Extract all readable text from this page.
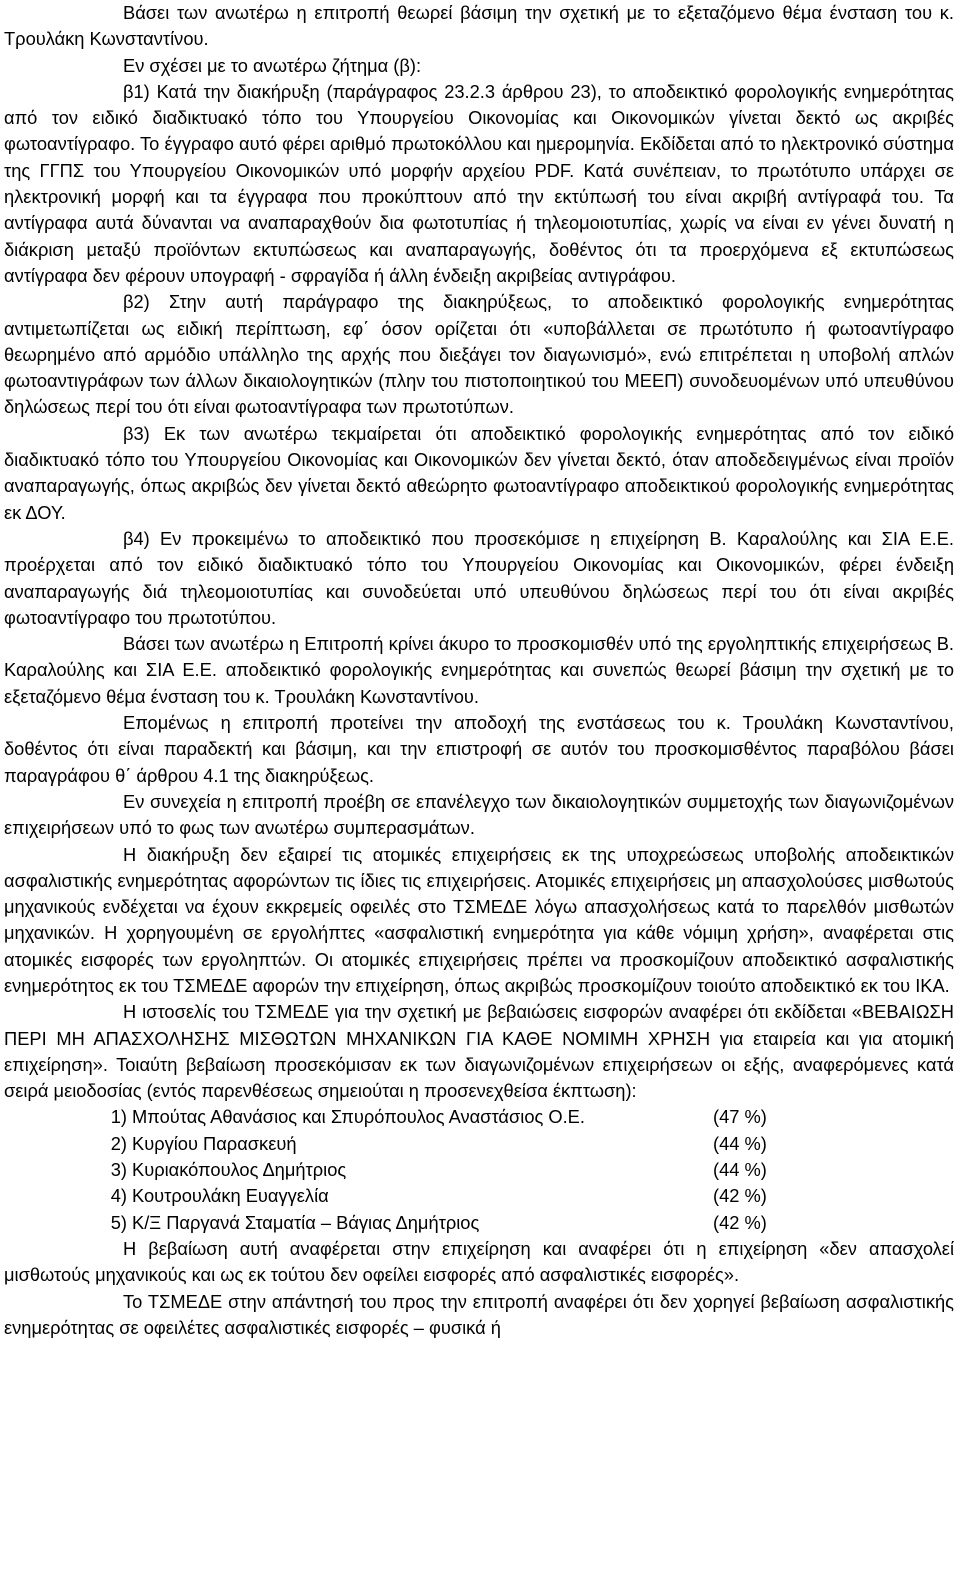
Βάσει των ανωτέρω η επιτροπή θεωρεί βάσιμη την σχετική με το εξεταζόμενο θέμα ένσταση του κ. Τρουλάκη Κωνσταντίνου.

Εν σχέσει με το ανωτέρω ζήτημα (β):

β1) Κατά την διακήρυξη (παράγραφος 23.2.3 άρθρου 23), το αποδεικτικό φορολογικής ενημερότητας από τον ειδικό διαδικτυακό τόπο του Υπουργείου Οικονομίας και Οικονομικών γίνεται δεκτό ως ακριβές φωτοαντίγραφο. Το έγγραφο αυτό φέρει αριθμό πρωτοκόλλου και ημερομηνία. Εκδίδεται από το ηλεκτρονικό σύστημα της ΓΓΠΣ του Υπουργείου Οικονομικών υπό μορφήν αρχείου PDF. Κατά συνέπειαν, το πρωτότυπο υπάρχει σε ηλεκτρονική μορφή και τα έγγραφα που προκύπτουν από την εκτύπωσή του είναι ακριβή αντίγραφά του. Τα αντίγραφα αυτά δύνανται να αναπαραχθούν δια φωτοτυπίας ή τηλεομοιοτυπίας, χωρίς να είναι εν γένει δυνατή η διάκριση μεταξύ προϊόντων εκτυπώσεως και αναπαραγωγής, δοθέντος ότι τα προερχόμενα εξ εκτυπώσεως αντίγραφα δεν φέρουν υπογραφή - σφραγίδα ή άλλη ένδειξη ακριβείας αντιγράφου.

β2) Στην αυτή παράγραφο της διακηρύξεως, το αποδεικτικό φορολογικής ενημερότητας αντιμετωπίζεται ως ειδική περίπτωση, εφ΄ όσον ορίζεται ότι «υποβάλλεται σε πρωτότυπο ή φωτοαντίγραφο θεωρημένο από αρμόδιο υπάλληλο της αρχής που διεξάγει τον διαγωνισμό», ενώ επιτρέπεται η υποβολή απλών φωτοαντιγράφων των άλλων δικαιολογητικών (πλην του πιστοποιητικού του ΜΕΕΠ) συνοδευομένων υπό υπευθύνου δηλώσεως περί του ότι είναι φωτοαντίγραφα των πρωτοτύπων.

β3) Εκ των ανωτέρω τεκμαίρεται ότι αποδεικτικό φορολογικής ενημερότητας από τον ειδικό διαδικτυακό τόπο του Υπουργείου Οικονομίας και Οικονομικών δεν γίνεται δεκτό, όταν αποδεδειγμένως είναι προϊόν αναπαραγωγής, όπως ακριβώς δεν γίνεται δεκτό αθεώρητο φωτοαντίγραφο αποδεικτικού φορολογικής ενημερότητας εκ ΔΟΥ.

β4) Εν προκειμένω το αποδεικτικό που προσεκόμισε η επιχείρηση Β. Καραλούλης και ΣΙΑ Ε.Ε. προέρχεται από τον ειδικό διαδικτυακό τόπο του Υπουργείου Οικονομίας και Οικονομικών, φέρει ένδειξη αναπαραγωγής διά τηλεομοιοτυπίας και συνοδεύεται υπό υπευθύνου δηλώσεως περί του ότι είναι ακριβές φωτοαντίγραφο του πρωτοτύπου.

Βάσει των ανωτέρω η Επιτροπή κρίνει άκυρο το προσκομισθέν υπό της εργοληπτικής επιχειρήσεως Β. Καραλούλης και ΣΙΑ Ε.Ε. αποδεικτικό φορολογικής ενημερότητας και συνεπώς θεωρεί βάσιμη την σχετική με το εξεταζόμενο θέμα ένσταση του κ. Τρουλάκη Κωνσταντίνου.

Επομένως η επιτροπή προτείνει την αποδοχή της ενστάσεως του κ. Τρουλάκη Κωνσταντίνου, δοθέντος ότι είναι παραδεκτή και βάσιμη, και την επιστροφή σε αυτόν του προσκομισθέντος παραβόλου βάσει παραγράφου θ΄ άρθρου 4.1 της διακηρύξεως.

Εν συνεχεία η επιτροπή προέβη σε επανέλεγχο των δικαιολογητικών συμμετοχής των διαγωνιζομένων επιχειρήσεων υπό το φως των ανωτέρω συμπερασμάτων.

Η διακήρυξη δεν εξαιρεί τις ατομικές επιχειρήσεις εκ της υποχρεώσεως υποβολής αποδεικτικών ασφαλιστικής ενημερότητας αφορώντων τις ίδιες τις επιχειρήσεις. Ατομικές επιχειρήσεις μη απασχολούσες μισθωτούς μηχανικούς ενδέχεται να έχουν εκκρεμείς οφειλές στο ΤΣΜΕΔΕ λόγω απασχολήσεως κατά το παρελθόν μισθωτών μηχανικών. Η χορηγουμένη σε εργολήπτες «ασφαλιστική ενημερότητα για κάθε νόμιμη χρήση», αναφέρεται στις ατομικές εισφορές των εργοληπτών. Οι ατομικές επιχειρήσεις πρέπει να προσκομίζουν αποδεικτικό ασφαλιστικής ενημερότητος εκ του ΤΣΜΕΔΕ αφορών την επιχείρηση, όπως ακριβώς προσκομίζουν τοιούτο αποδεικτικό εκ του ΙΚΑ.

Η ιστοσελίς του ΤΣΜΕΔΕ για την σχετική με βεβαιώσεις εισφορών αναφέρει ότι εκδίδεται «ΒΕΒΑΙΩΣΗ ΠΕΡΙ ΜΗ ΑΠΑΣΧΟΛΗΣΗΣ ΜΙΣΘΩΤΩΝ ΜΗΧΑΝΙΚΩΝ ΓΙΑ ΚΑΘΕ ΝΟΜΙΜΗ ΧΡΗΣΗ για εταιρεία και για ατομική επιχείρηση». Τοιαύτη βεβαίωση προσεκόμισαν εκ των διαγωνιζομένων επιχειρήσεων οι εξής, αναφερόμενες κατά σειρά μειοδοσίας (εντός παρενθέσεως σημειούται η προσενεχθείσα έκπτωση):

1) Μπούτας Αθανάσιος και Σπυρόπουλος Αναστάσιος Ο.Ε.	(47 %)
2) Κυργίου Παρασκευή	(44 %)
3) Κυριακόπουλος Δημήτριος	(44 %)
4) Κουτρουλάκη Ευαγγελία	(42 %)
5) Κ/Ξ Παργανά Σταματία – Βάγιας Δημήτριος	(42 %)

Η βεβαίωση αυτή αναφέρεται στην επιχείρηση και αναφέρει ότι η επιχείρηση «δεν απασχολεί μισθωτούς μηχανικούς και ως εκ τούτου δεν οφείλει εισφορές από ασφαλιστικές εισφορές».

Το ΤΣΜΕΔΕ στην απάντησή του προς την επιτροπή αναφέρει ότι δεν χορηγεί βεβαίωση ασφαλιστικής ενημερότητας σε οφειλέτες ασφαλιστικές εισφορές – φυσικά ή
